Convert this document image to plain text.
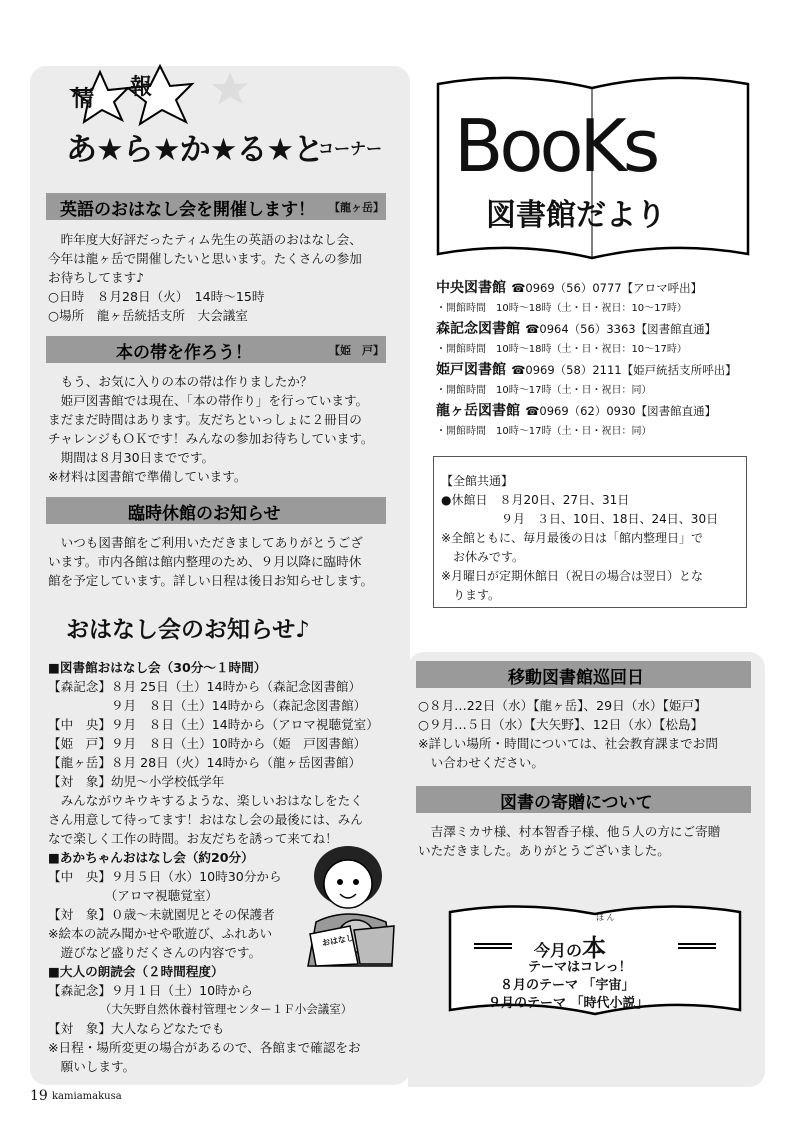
情 報
あ★ら★か★る★と
コーナー
英語のおはなし会を開催します！ 【龍ヶ岳】
　昨年度大好評だったティム先生の英語のおはなし会、
今年は龍ヶ岳で開催したいと思います。たくさんの参加
お待ちしてます♪
○日時　８月28日（火）　14時～15時
○場所　龍ヶ岳統括支所　大会議室
本の帯を作ろう！	【姫　戸】
　もう、お気に入りの本の帯は作りましたか？
　姫戸図書館では現在、「本の帯作り」を行っています。
まだまだ時間はあります。友だちといっしょに２冊目の
チャレンジもＯＫです！みんなの参加お待ちしています。
　期間は８月30日までです。
※材料は図書館で準備しています。
臨時休館のお知らせ
　いつも図書館をご利用いただきましてありがとうござ
います。市内各館は館内整理のため、９月以降に臨時休
館を予定しています。詳しい日程は後日お知らせします。
おはなし会のお知らせ♪
■図書館おはなし会（30分～１時間）
【森記念】８月 25日（土）14時から（森記念図書館）
　　　　　９月　８日（土）14時から（森記念図書館）
【中　央】９月　８日（土）14時から（アロマ視聴覚室）
【姫　戸】９月　８日（土）10時から（姫　戸図書館）
【龍ヶ岳】８月 28日（火）14時から（龍ヶ岳図書館）
【対　象】幼児～小学校低学年
　みんながウキウキするような、楽しいおはなしをたく
さん用意して待ってます！おはなし会の最後には、みん
なで楽しく工作の時間。お友だちを誘って来てね！
■あかちゃんおはなし会（約20分）
【中　央】９月５日（水）10時30分から
　　　　　（アロマ視聴覚室）
【対　象】０歳～未就園児とその保護者
※絵本の読み聞かせや歌遊び、ふれあい
　遊びなど盛りだくさんの内容です。
■大人の朗読会（２時間程度）
【森記念】９月１日（土）10時から
　　　　　（大矢野自然休養村管理センター１Ｆ小会議室）
【対　象】大人ならどなたでも
※日程・場所変更の場合があるので、各館まで確認をお
　願いします。
おはなし
BooKs
図書館だより
中央図書館 ☎0969（56）0777【アロマ呼出】
・開館時間　10時～18時（土・日・祝日：10～17時）
森記念図書館 ☎0964（56）3363【図書館直通】
・開館時間　10時～18時（土・日・祝日：10～17時）
姫戸図書館 ☎0969（58）2111【姫戸統括支所呼出】
・開館時間　10時～17時（土・日・祝日：同）
龍ヶ岳図書館 ☎0969（62）0930【図書館直通】
・開館時間　10時～17時（土・日・祝日：同）
【全館共通】
●休館日　８月20日、27日、31日
　　　　　９月　３日、10日、18日、24日、30日
※全館ともに、毎月最後の日は「館内整理日」で
　お休みです。
※月曜日が定期休館日（祝日の場合は翌日）とな
　ります。
移動図書館巡回日
○８月…22日（水）【龍ヶ岳】、29日（水）【姫戸】
○９月…５日（水）【大矢野】、12日（水）【松島】
※詳しい場所・時間については、社会教育課までお問
　い合わせください。
図書の寄贈について
　吉澤ミカサ様、村本智香子様、他５人の方にご寄贈
いただきました。ありがとうございました。
ほ ん
今月の本
テーマはコレっ！
８月のテーマ 「宇宙」
９月のテーマ 「時代小説」
19 kamiamakusa
